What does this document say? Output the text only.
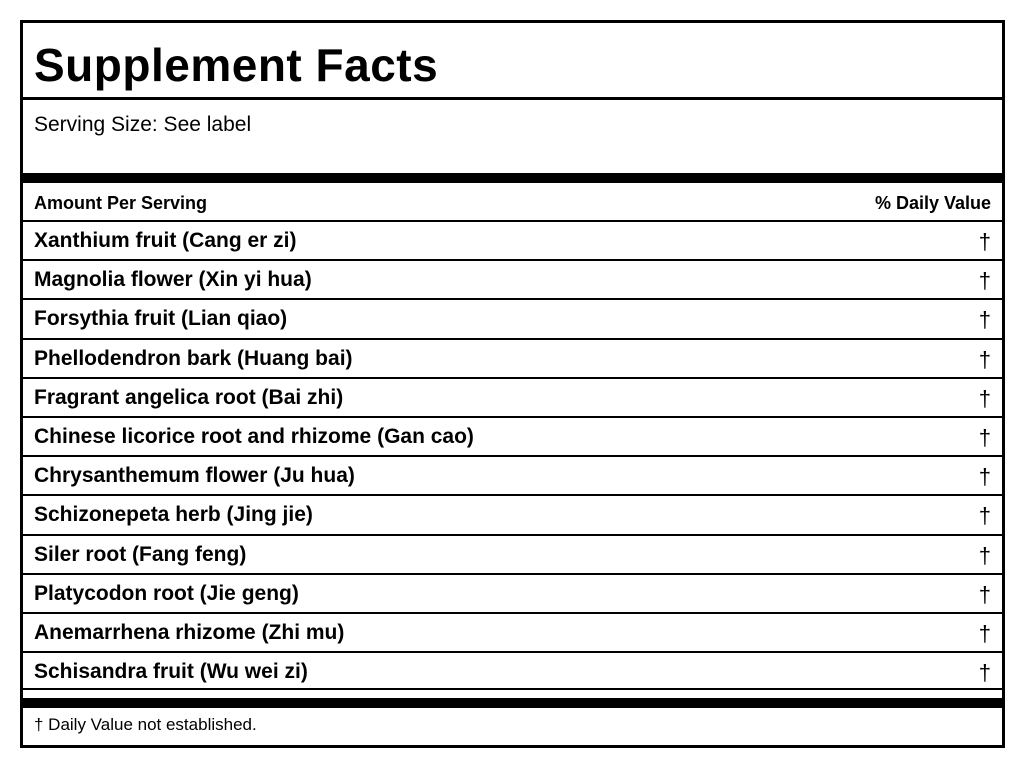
Supplement Facts
Serving Size: See label
Amount Per Serving	% Daily Value
Xanthium fruit (Cang er zi)	†
Magnolia flower (Xin yi hua)	†
Forsythia fruit (Lian qiao)	†
Phellodendron bark (Huang bai)	†
Fragrant angelica root (Bai zhi)	†
Chinese licorice root and rhizome (Gan cao)	†
Chrysanthemum flower (Ju hua)	†
Schizonepeta herb (Jing jie)	†
Siler root (Fang feng)	†
Platycodon root (Jie geng)	†
Anemarrhena rhizome (Zhi mu)	†
Schisandra fruit (Wu wei zi)	†
† Daily Value not established.
